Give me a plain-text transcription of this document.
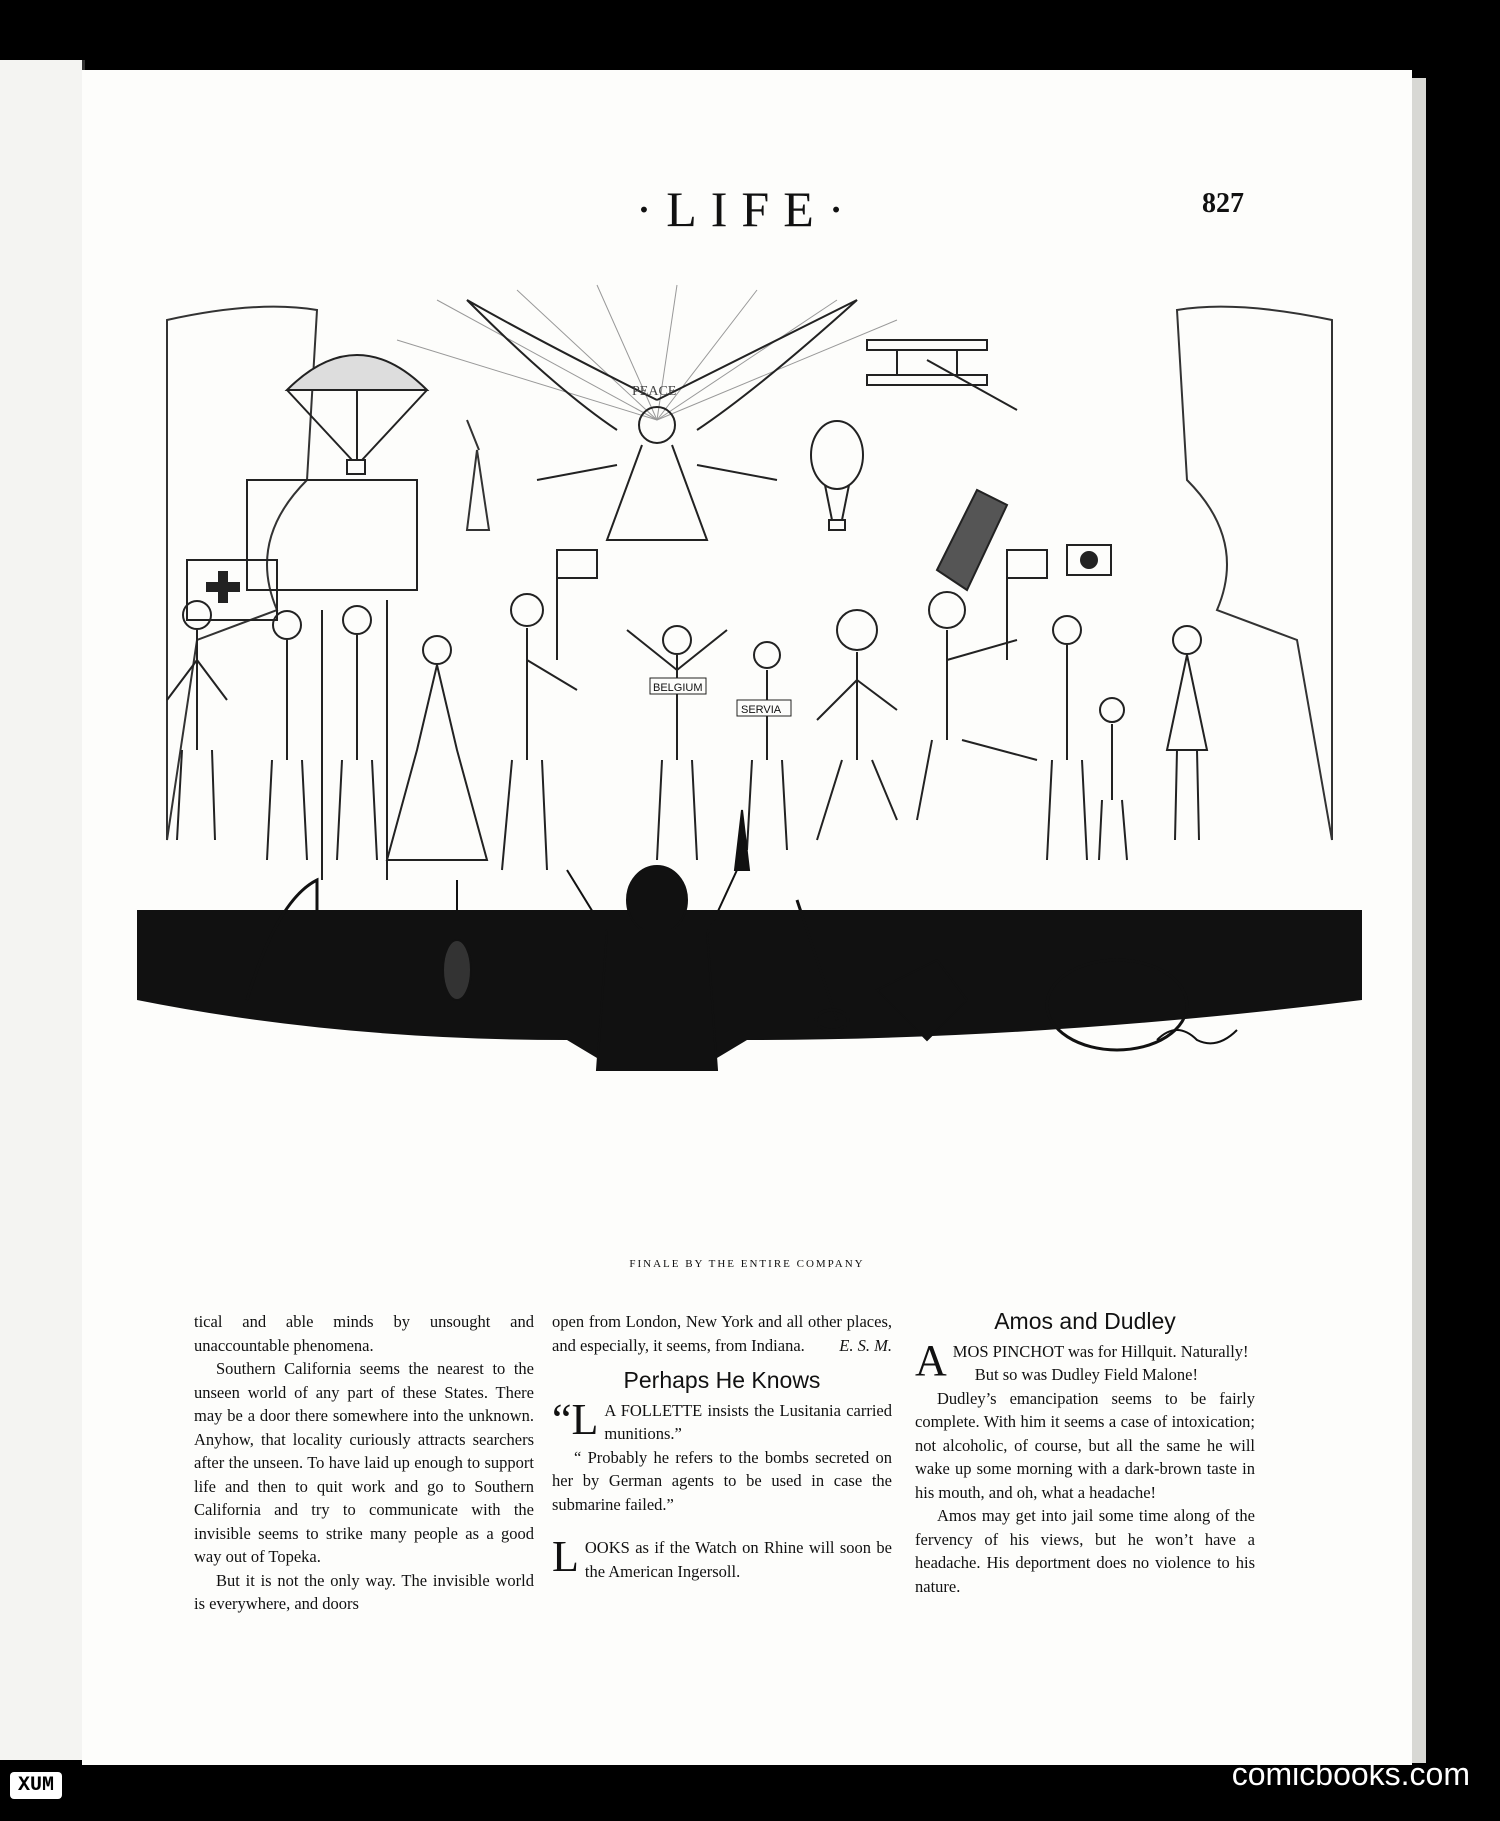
·LIFE·	827
PEACE
BELGIUM
SERVIA
FINALE BY THE ENTIRE COMPANY

tical and able minds by unsought and unaccountable phenomena.

Southern California seems the nearest to the unseen world of any part of these States. There may be a door there somewhere into the unknown. Anyhow, that locality curiously attracts searchers after the unseen. To have laid up enough to support life and then to quit work and go to Southern California and try to communicate with the invisible seems to strike many people as a good way out of Topeka.

But it is not the only way. The invisible world is everywhere, and doors

open from London, New York and all other places, and especially, it seems, from Indiana. E. S. M.

Perhaps He Knows

“L A FOLLETTE insists the Lusitania carried munitions.”

“ Probably he refers to the bombs secreted on her by German agents to be used in case the submarine failed.”

LOOKS as if the Watch on Rhine will soon be the American Ingersoll.

Amos and Dudley

AMOS PINCHOT was for Hillquit. Naturally!

But so was Dudley Field Malone!

Dudley’s emancipation seems to be fairly complete. With him it seems a case of intoxication; not alcoholic, of course, but all the same he will wake up some morning with a dark-brown taste in his mouth, and oh, what a headache!

Amos may get into jail some time along of the fervency of his views, but he won’t have a headache. His deportment does no violence to his nature.

XUM	comicbooks.com
